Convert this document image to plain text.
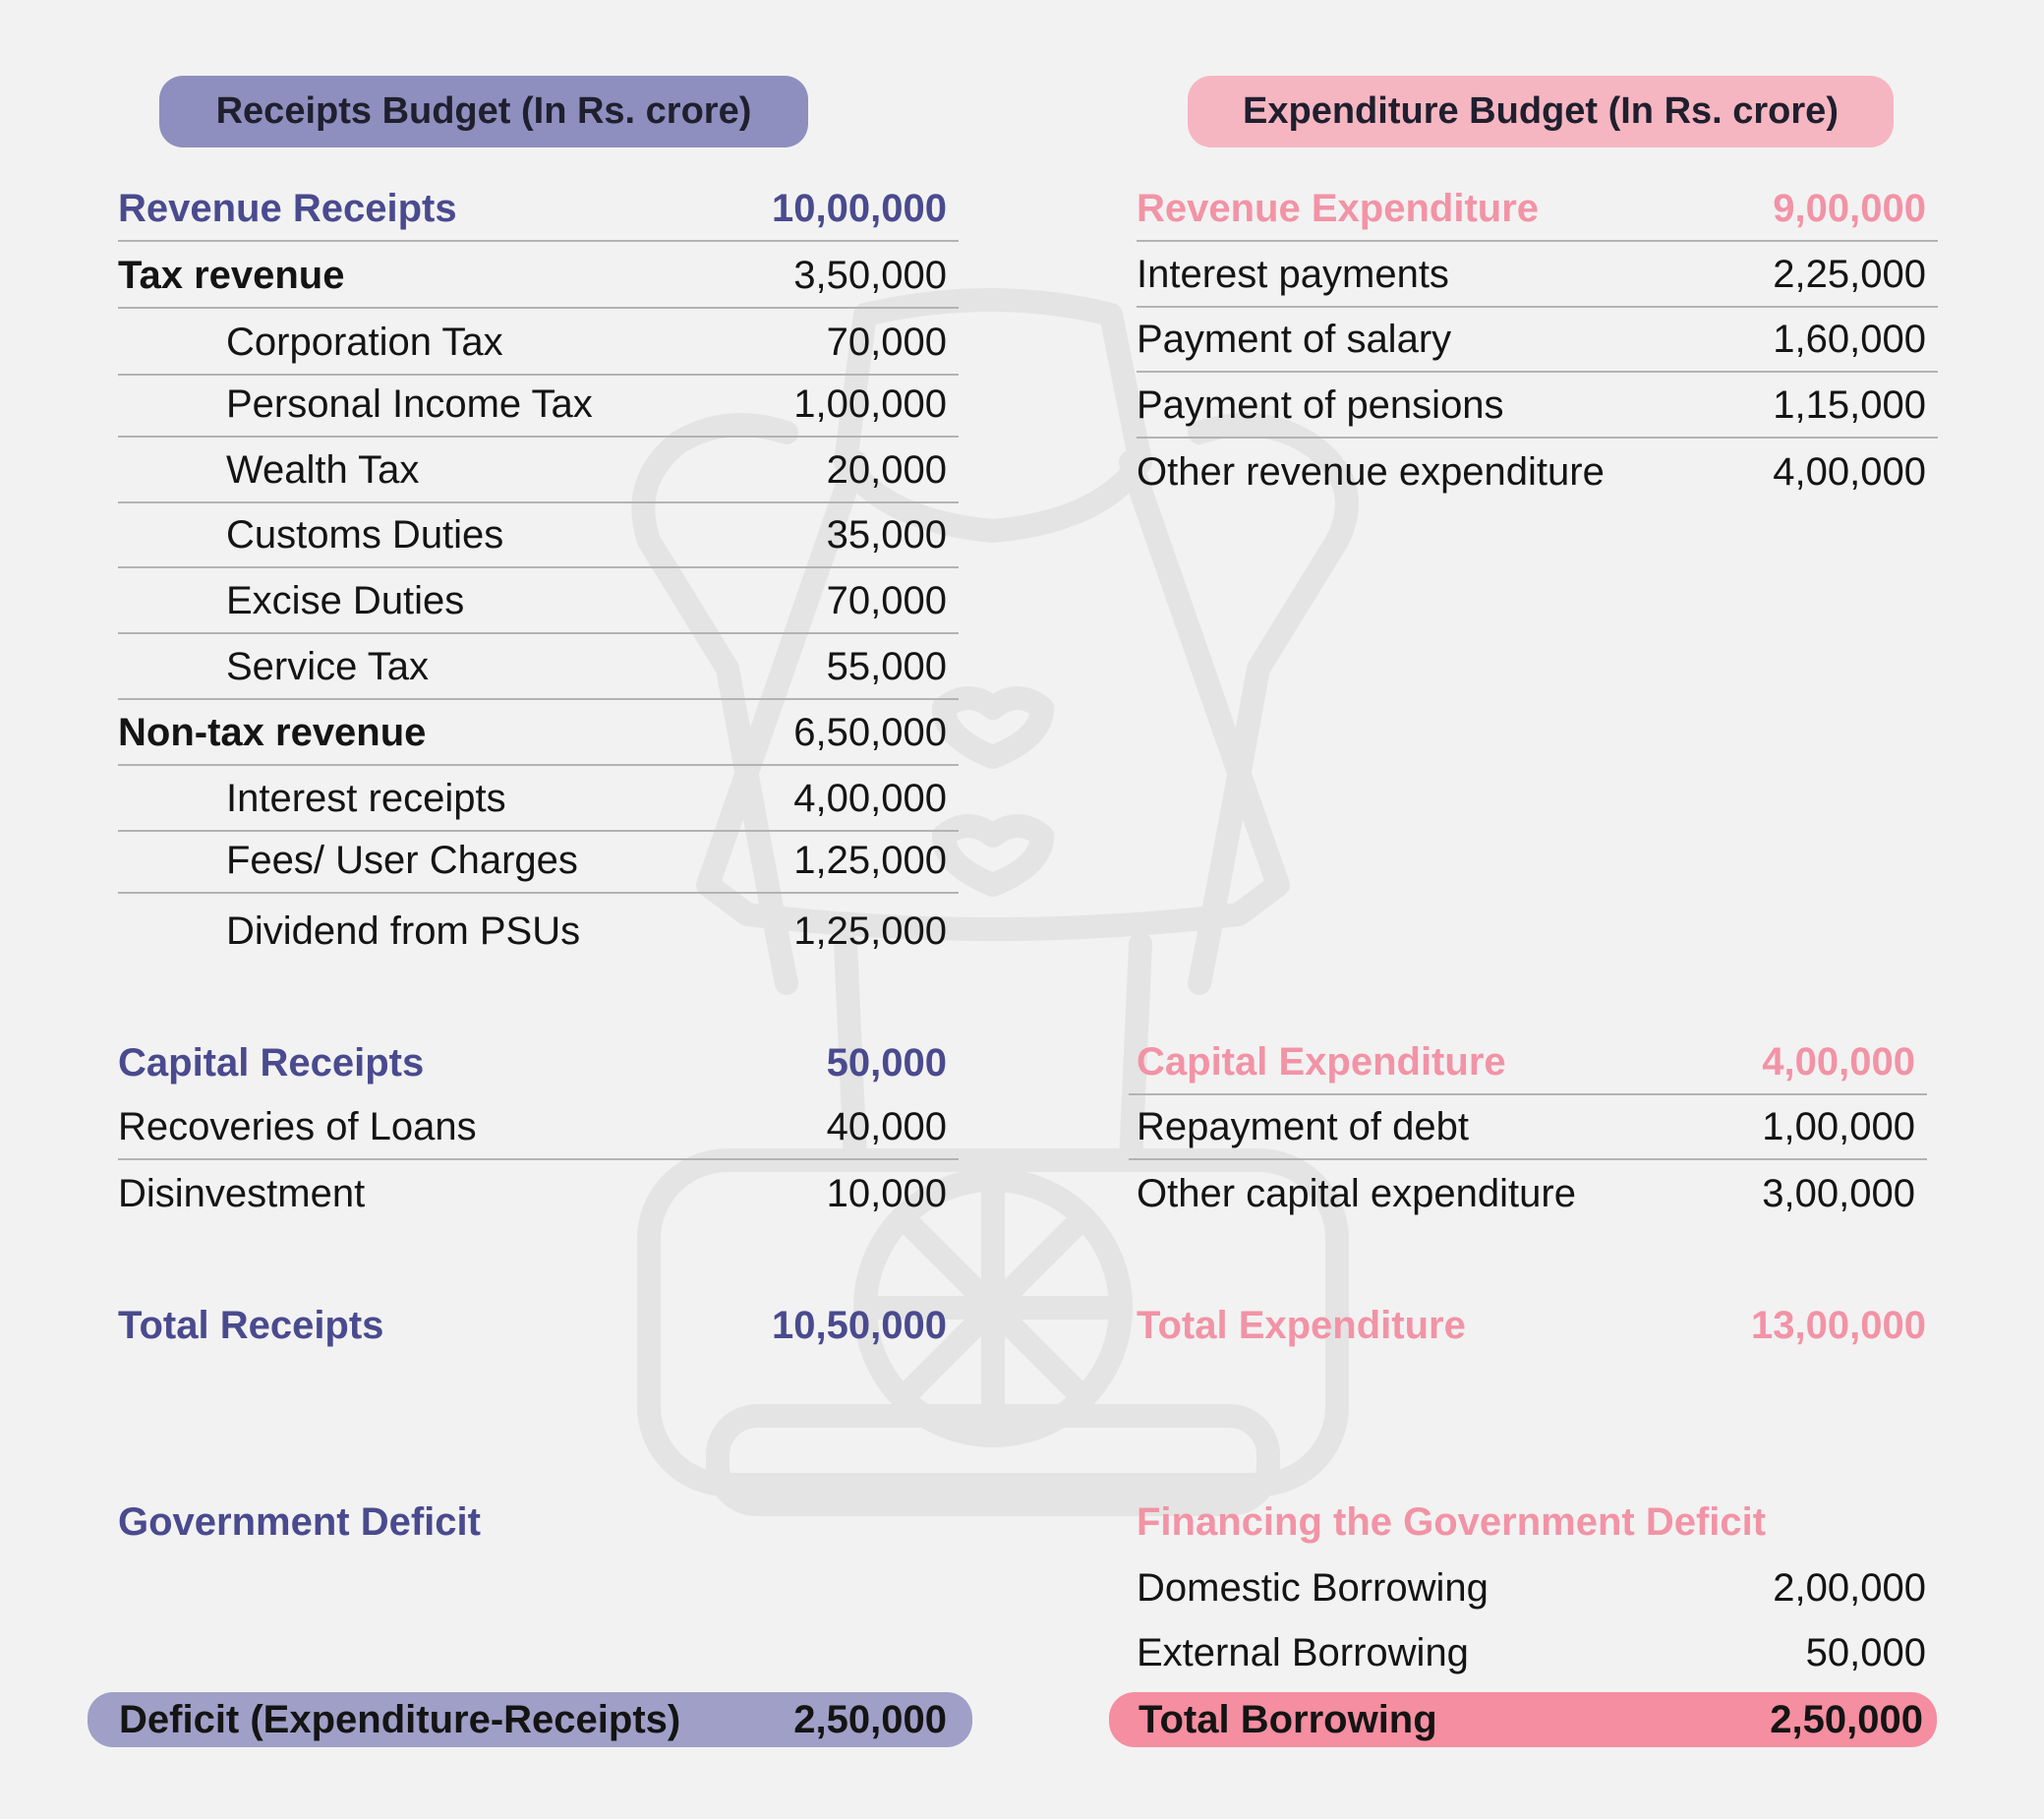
Receipts Budget (In Rs. crore)	Expenditure Budget (In Rs. crore)
Revenue Receipts	10,00,000
Tax revenue	3,50,000
Corporation Tax	70,000
Personal Income Tax	1,00,000
Wealth Tax	20,000
Customs Duties	35,000
Excise Duties	70,000
Service Tax	55,000
Non-tax revenue	6,50,000
Interest receipts	4,00,000
Fees/ User Charges	1,25,000
Dividend from PSUs	1,25,000
Capital Receipts	50,000
Recoveries of Loans	40,000
Disinvestment	10,000
Total Receipts	10,50,000
Government Deficit
Deficit (Expenditure-Receipts)	2,50,000
Revenue Expenditure	9,00,000
Interest payments	2,25,000
Payment of salary	1,60,000
Payment of pensions	1,15,000
Other revenue expenditure	4,00,000
Capital Expenditure	4,00,000
Repayment of debt	1,00,000
Other capital expenditure	3,00,000
Total Expenditure	13,00,000
Financing the Government Deficit
Domestic Borrowing	2,00,000
External Borrowing	50,000
Total Borrowing	2,50,000
